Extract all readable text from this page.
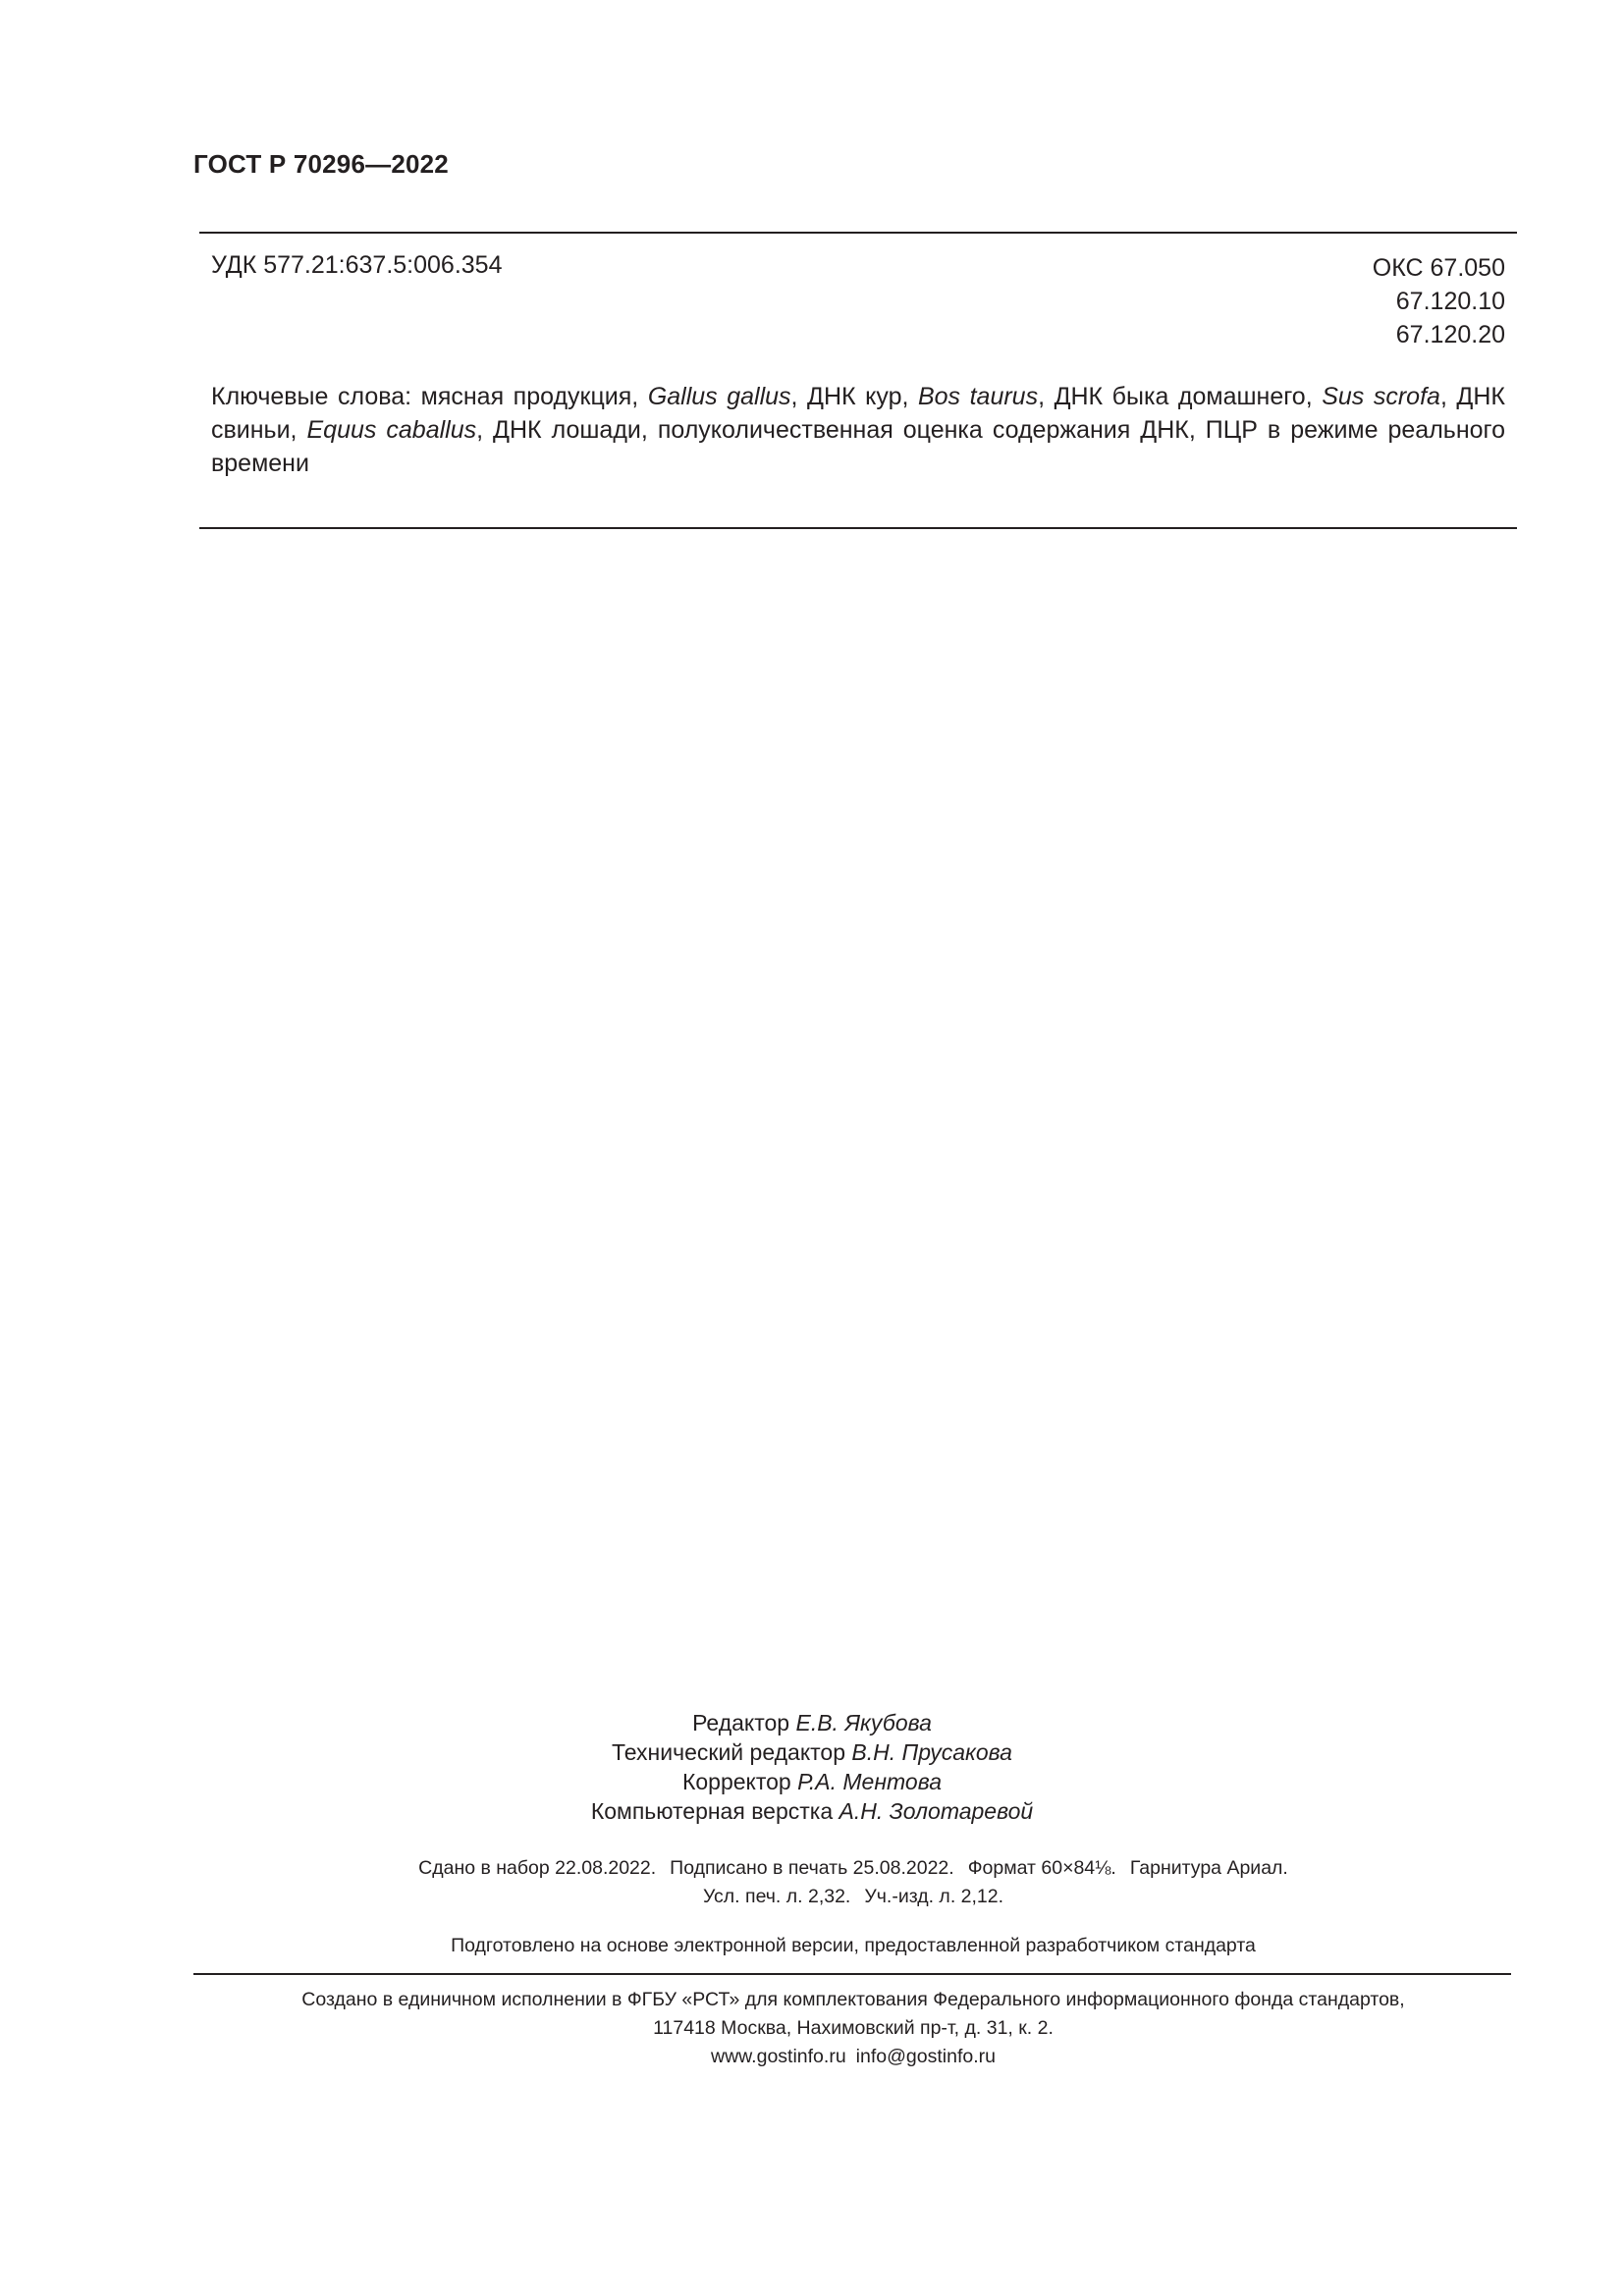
ГОСТ Р 70296—2022
УДК 577.21:637.5:006.354	ОКС 67.050
67.120.10
67.120.20
Ключевые слова: мясная продукция, Gallus gallus, ДНК кур, Bos taurus, ДНК быка домашнего, Sus scrofa, ДНК свиньи, Equus caballus, ДНК лошади, полуколичественная оценка содержания ДНК, ПЦР в режиме реального времени
Редактор Е.В. Якубова
Технический редактор В.Н. Прусакова
Корректор Р.А. Ментова
Компьютерная верстка А.Н. Золотаревой
Сдано в набор 22.08.2022. Подписано в печать 25.08.2022. Формат 60×84⅛. Гарнитура Ариал.
Усл. печ. л. 2,32. Уч.-изд. л. 2,12.
Подготовлено на основе электронной версии, предоставленной разработчиком стандарта
Создано в единичном исполнении в ФГБУ «РСТ» для комплектования Федерального информационного фонда стандартов,
117418 Москва, Нахимовский пр-т, д. 31, к. 2.
www.gostinfo.ru info@gostinfo.ru
